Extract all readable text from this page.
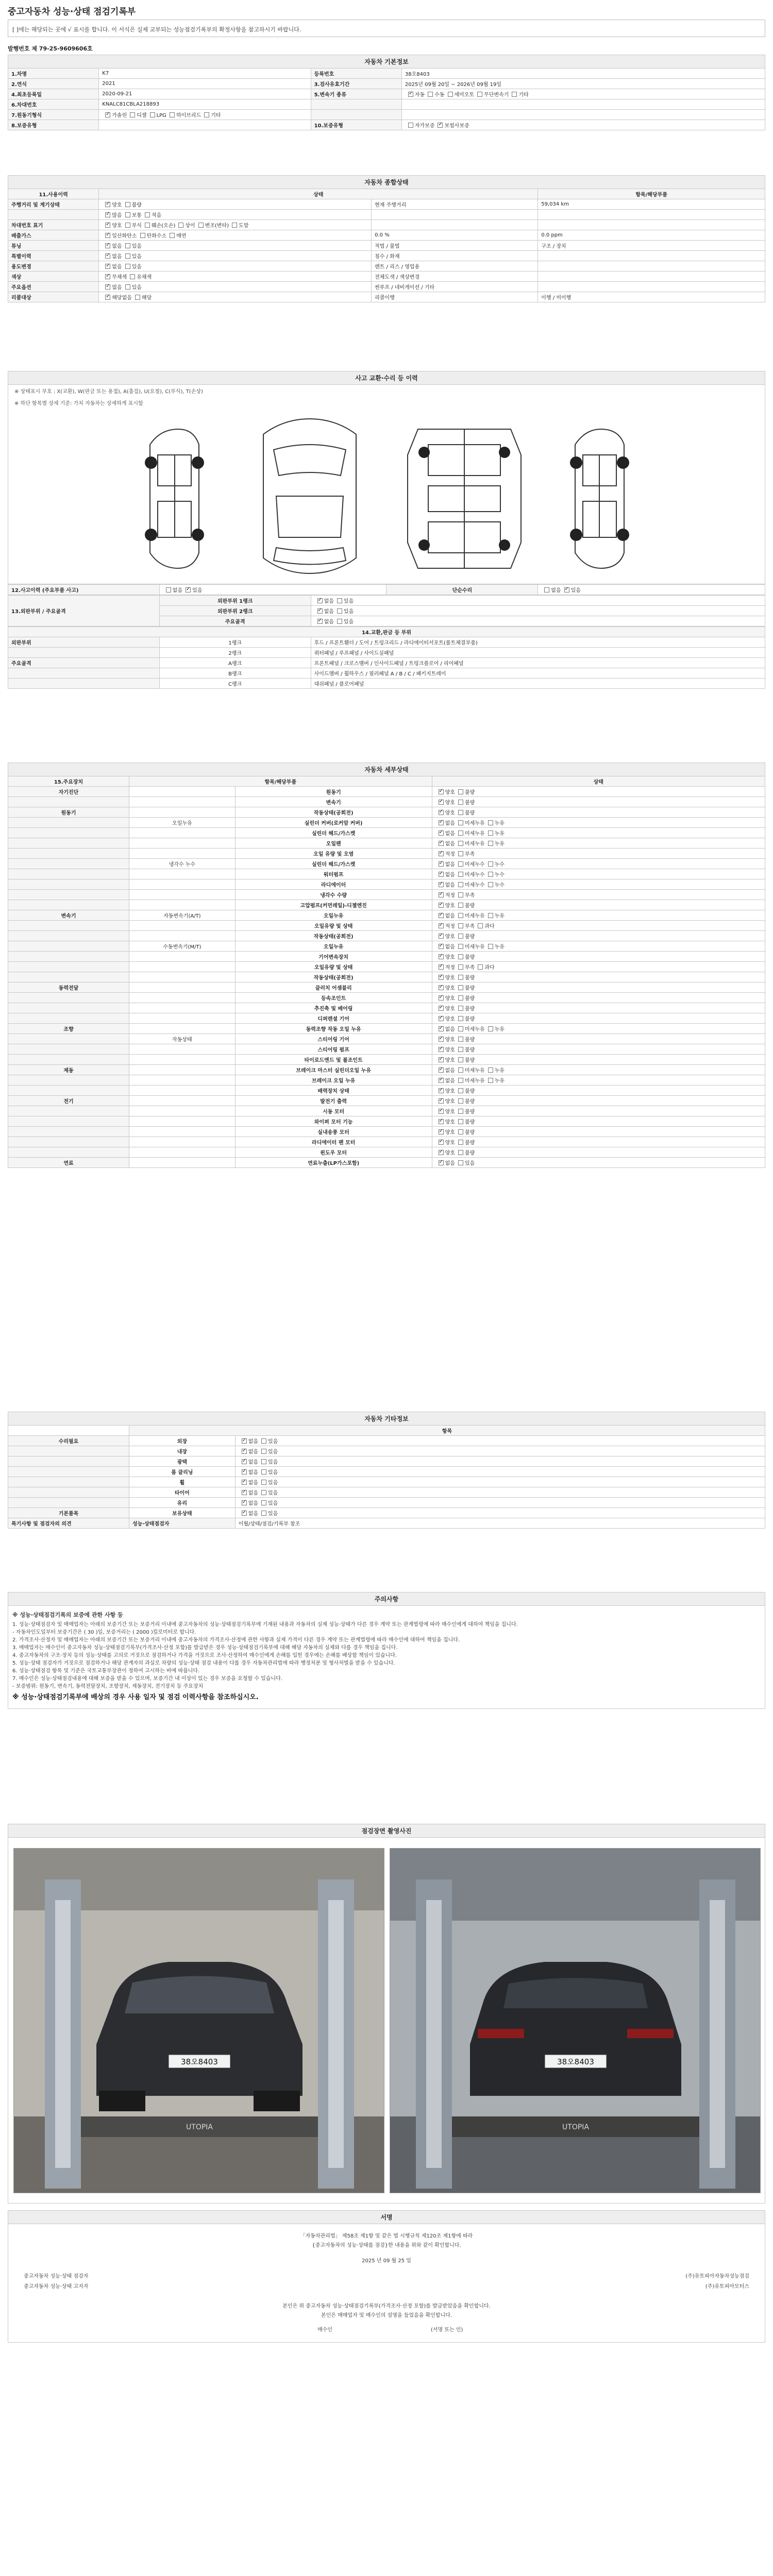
중고자동차 성능·상태 점검기록부
[ ]에는 해당되는 곳에 √ 표시를 합니다. 이 서식은 실제 교부되는 성능점검기록부의 확정사항을 참고하시기 바랍니다.
발행번호 제 79-25-9609606호
자동차 기본정보			
1.차명	K7	등록번호	38오8403
2.연식	2021	3.검사유효기간	2025년 09월 20일 ~ 2026년 09월 19일
4.최초등록일	2020-09-21	5.변속기 종류	✓자동 수동 세미오토 무단변속기 기타
6.차대번호	KNALC81CBLA218893		
7.원동기형식	✓가솔린 디젤 LPG 하이브리드 기타		
8.보증유형		10.보증유형	자가보증 ✓ 보험사보증
자동차 종합상태			
11.사용이력	상태		항목/해당부품
주행거리 및 계기상태	✓양호 불량	현재 주행거리	59,034 km
	✓많음 보통 적음		
차대번호 표기	✓양호 부식 훼손(오손) 상이 변조(변타) 도말		
배출가스	✓일산화탄소 탄화수소 매연	0.0 %	0.0 ppm
튜닝	✓없음 있음	적법 / 불법	구조 / 장치
특별이력	✓없음 있음	침수 / 화재	
용도변경	✓없음 있음	렌트 / 리스 / 영업용	
색상	✓무채색 유채색	전체도색 / 색상변경	
주요옵션	✓없음 있음	썬루프 / 네비게이션 / 기타	
리콜대상	✓해당없음 해당	리콜이행	이행 / 미이행
사고 교환·수리 등 이력

※ 상태표시 부호 : X(교환), W(판금 또는 용접), A(흠집), U(요철), C(부식), T(손상)
※ 하단 항목별 상세 기준: 가치 자동차는 상세하게 표시함

12.사고이력 (주요부품 사고)	없음 ✓ 있음	단순수리	없음 ✓ 있음
13.외판부위 / 주요골격	외판부위 1랭크	✓없음 있음
	외판부위 2랭크	✓없음 있음
	주요골격	✓없음 있음
14.교환,판금 등 부위		
외판부위	1랭크	후드 / 프론트휀더 / 도어 / 트렁크리드 / 라디에이터서포트(볼트체결부품)
	2랭크	쿼터패널 / 루프패널 / 사이드실패널
주요골격	A랭크	프론트패널 / 크로스멤버 / 인사이드패널 / 트렁크플로어 / 리어패널
	B랭크	사이드멤버 / 휠하우스 / 필러패널 A / B / C / 패키지트레이
	C랭크	대쉬패널 / 플로어패널
자동차 세부상태			
15.주요장치	항목/해당부품		상태
자기진단		원동기	✓양호 불량
		변속기	✓양호 불량
원동기		작동상태(공회전)	✓양호 불량
	오일누유	실린더 커버(로커암 커버)	✓없음 미세누유 누유
		실린더 헤드/가스켓	✓없음 미세누유 누유
		오일팬	✓없음 미세누유 누유
		오일 유량 및 오염	✓적정 부족
	냉각수 누수	실린더 헤드/가스켓	✓없음 미세누수 누수
		워터펌프	✓없음 미세누수 누수
		라디에이터	✓없음 미세누수 누수
		냉각수 수량	✓적정 부족
		고압펌프(커먼레일)-디젤엔진	✓양호 불량
변속기	자동변속기(A/T)	오일누유	✓없음 미세누유 누유
		오일유량 및 상태	✓적정 부족 과다
		작동상태(공회전)	✓양호 불량
	수동변속기(M/T)	오일누유	✓없음 미세누유 누유
		기어변속장치	✓양호 불량
		오일유량 및 상태	✓적정 부족 과다
		작동상태(공회전)	✓양호 불량
동력전달		클러치 어셈블리	✓양호 불량
		등속조인트	✓양호 불량
		추진축 및 베어링	✓양호 불량
		디퍼렌셜 기어	✓양호 불량
조향		동력조향 작동 오일 누유	✓없음 미세누유 누유
	작동상태	스티어링 기어	✓양호 불량
		스티어링 펌프	✓양호 불량
		타이로드엔드 및 볼조인트	✓양호 불량
제동		브레이크 마스터 실린더오일 누유	✓없음 미세누유 누유
		브레이크 오일 누유	✓없음 미세누유 누유
		배력장치 상태	✓양호 불량
전기		발전기 출력	✓양호 불량
		시동 모터	✓양호 불량
		와이퍼 모터 기능	✓양호 불량
		실내송풍 모터	✓양호 불량
		라디에이터 팬 모터	✓양호 불량
		윈도우 모터	✓양호 불량
연료		연료누출(LP가스포함)	✓없음 있음
자동차 기타정보		
	항목	
수리필요	외장	✓없음 있음
	내장	✓없음 있음
	광택	✓없음 있음
	룸 클리닝	✓없음 있음
	휠	✓없음 있음
	타이어	✓없음 있음
	유리	✓없음 있음
기본품목	보유상태	✓없음 있음
특기사항 및 점검자의 의견	성능·상태점검자	이월/상태/점검/기록부 참조
주의사항

※ 성능·상태점검기록의 보증에 관한 사항 등

1. 성능·상태점검자 및 매매업자는 아래의 보증기간 또는 보증거리 이내에 중고자동차의 성능·상태점검기록부에 기재된 내용과 자동차의 실제 성능·상태가 다른 경우 계약 또는 관계법령에 따라 매수인에게 대하여 책임을 집니다.

- 자동차인도일부터 보증기간은 ( 30 )일, 보증거리는 ( 2000 )킬로미터로 합니다.

2. 가격조사·산정자 및 매매업자는 아래의 보증기간 또는 보증거리 이내에 중고자동차의 가격조사·산정에 관한 사항과 실제 가격이 다른 경우 계약 또는 관계법령에 따라 매수인에 대하여 책임을 집니다.

3. 매매업자는 매수인이 중고자동차 성능·상태점검기록부(가격조사·산정 포함)를 발급받은 경우 성능·상태점검기록부에 대해 해당 자동차의 실제와 다를 경우 책임을 집니다.

4. 중고자동차의 구조·장치 등의 성능·상태를 고의로 거짓으로 점검하거나 가격을 거짓으로 조사·산정하여 매수인에게 손해를 입힌 경우에는 손해를 배상할 책임이 있습니다.

5. 성능·상태 점검자가 거짓으로 점검하거나 해당 관계자의 과실로 차량의 성능·상태 점검 내용이 다를 경우 자동차관리법에 따라 행정처분 및 형사처벌을 받을 수 있습니다.

6. 성능·상태점검 항목 및 기준은 국토교통부장관이 정하여 고시하는 바에 따릅니다.

7. 매수인은 성능·상태점검내용에 대해 보증을 받을 수 있으며, 보증기간 내 이상이 있는 경우 보증을 요청할 수 있습니다.

- 보증범위: 원동기, 변속기, 동력전달장치, 조향장치, 제동장치, 전기장치 등 주요장치

※ 성능·상태점검기록부에 배상의 경우 사용 일자 및 점검 이력사항을 참조하십시오.

점검장면 촬영사진

38오8403
UTOPIA
38오8403
UTOPIA
서명

「자동차관리법」 제58조 제1항 및 같은 법 시행규칙 제120조 제1항에 따라
{중고자동차의 성능·상태를 점검}한 내용을 위와 같이 확인합니다.
2025 년 09 월 25 일
중고자동차 성능·상태 점검자	(주)유토피아자동차성능점검
중고자동차 성능·상태 고지자	(주)유토피아모터스
본인은 위 중고자동차 성능·상태점검기록부(가격조사·산정 포함)를 발급받았음을 확인합니다.
본인은 매매업자 및 매수인의 설명을 들었음을 확인합니다.
매수인	(서명 또는 인)
